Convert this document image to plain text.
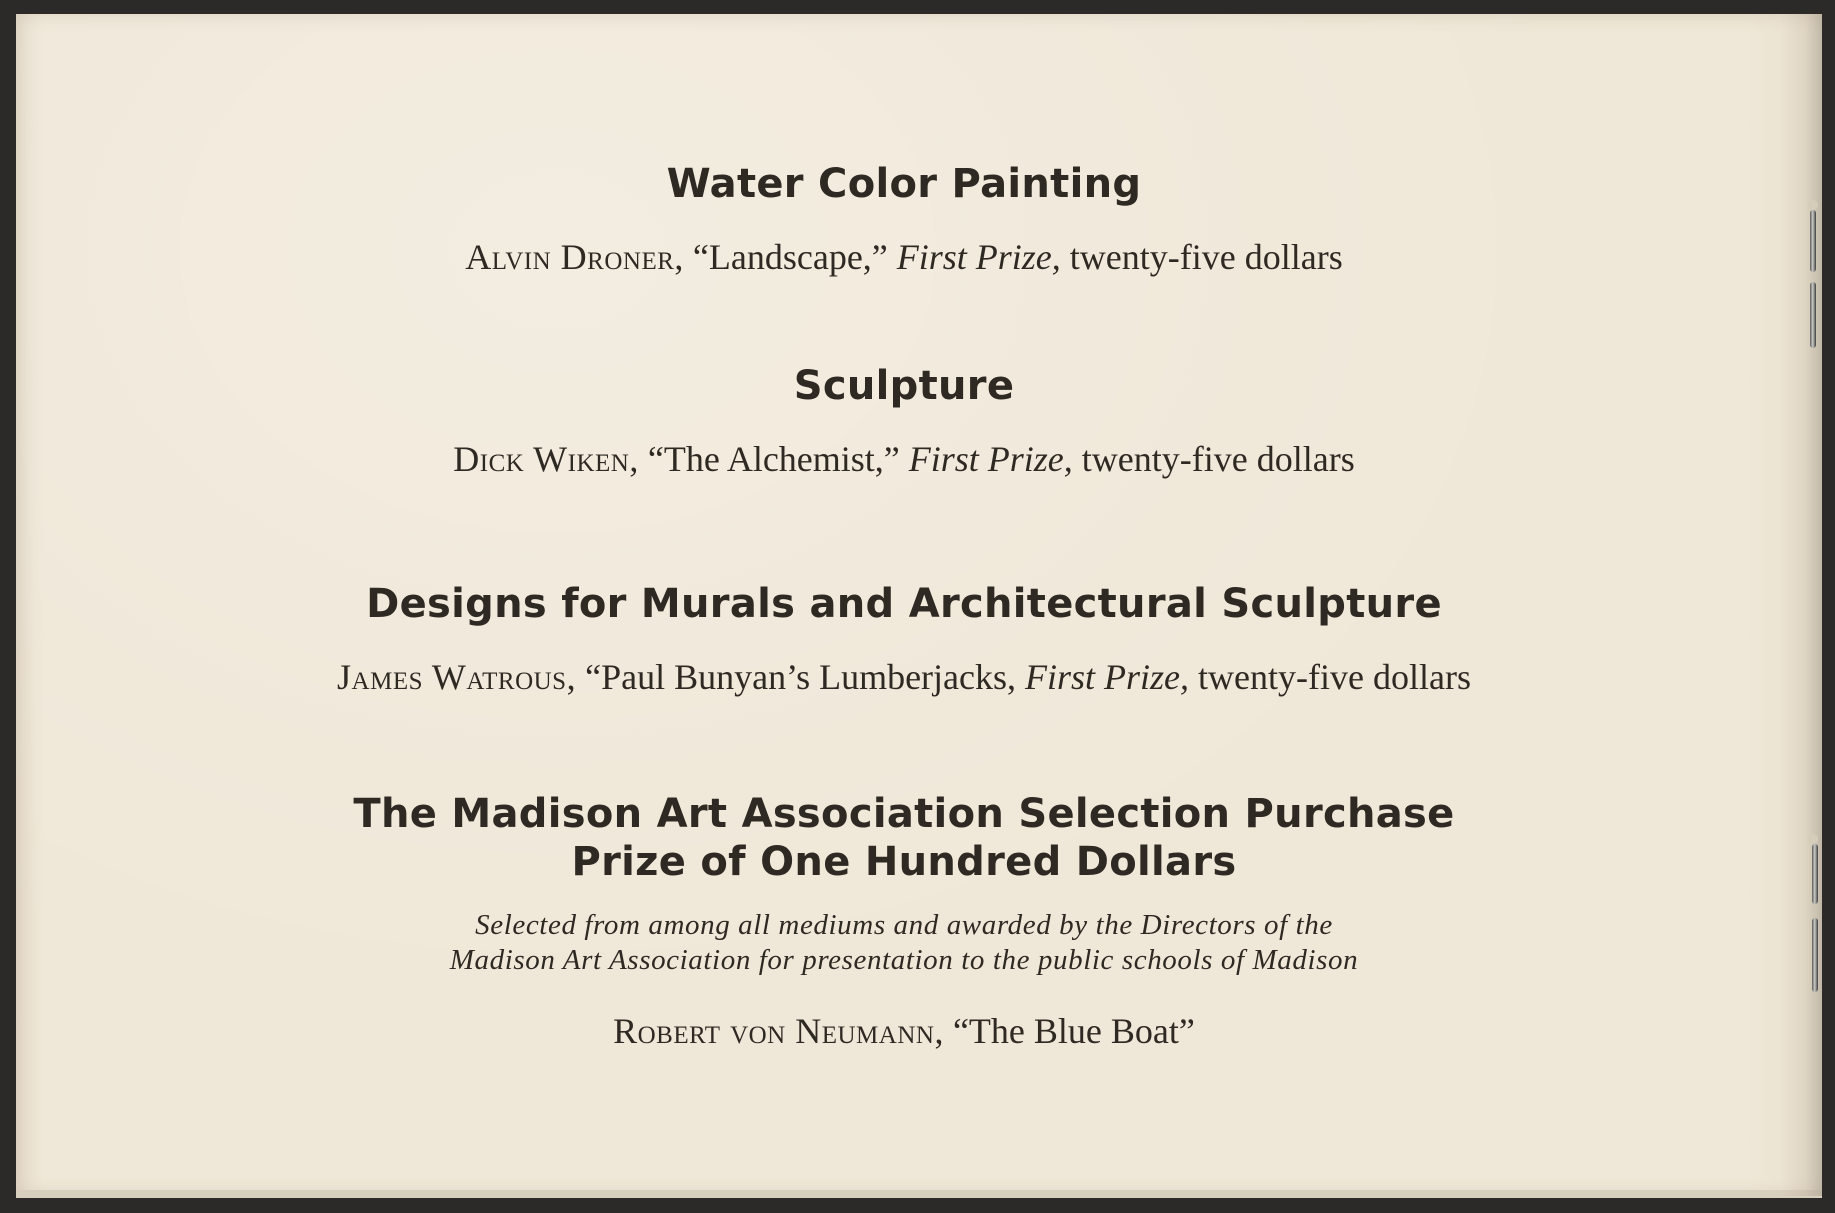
Water Color Painting
Alvin Droner, “Landscape,” First Prize, twenty-five dollars
Sculpture
Dick Wiken, “The Alchemist,” First Prize, twenty-five dollars
Designs for Murals and Architectural Sculpture
James Watrous, “Paul Bunyan’s Lumberjacks, First Prize, twenty-five dollars
The Madison Art Association Selection Purchase
Prize of One Hundred Dollars
Selected from among all mediums and awarded by the Directors of the
Madison Art Association for presentation to the public schools of Madison
Robert von Neumann, “The Blue Boat”
